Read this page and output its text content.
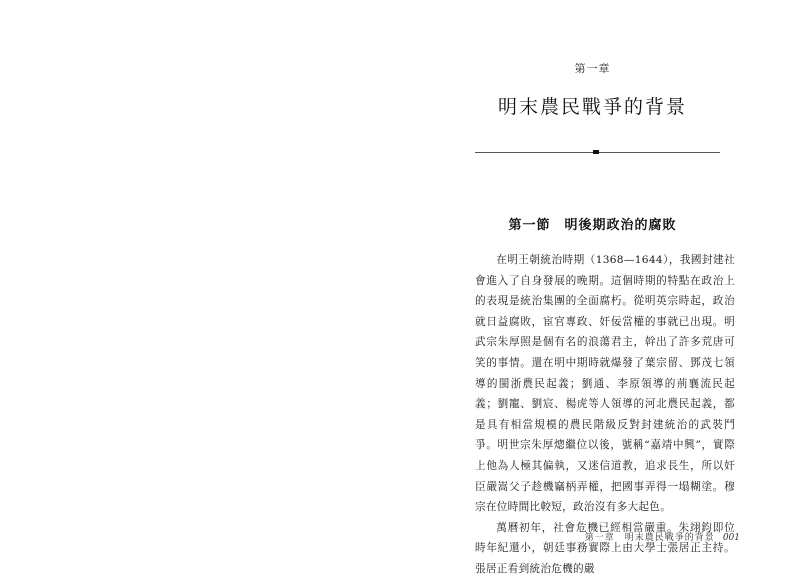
第一章
明末農民戰爭的背景
第一節　明後期政治的腐敗

在明王朝統治時期（1368—1644），我國封建社會進入了自身發展的晚期。這個時期的特點在政治上的表現是統治集團的全面腐朽。從明英宗時起，政治就日益腐敗，宦官專政、奸佞當權的事就已出現。明武宗朱厚照是個有名的浪蕩君主，幹出了許多荒唐可笑的事情。還在明中期時就爆發了葉宗留、鄧茂七領導的閩浙農民起義；劉通、李原領導的荊襄流民起義；劉寵、劉宸、楊虎等人領導的河北農民起義，都是具有相當規模的農民階級反對封建統治的武裝鬥爭。明世宗朱厚熜繼位以後，號稱“嘉靖中興”，實際上他為人極其偏執，又迷信道教，追求長生，所以奸臣嚴嵩父子趁機竊柄弄權，把國事弄得一塌糊塗。穆宗在位時間比較短，政治沒有多大起色。

萬曆初年，社會危機已經相當嚴重。朱翊鈞即位時年紀還小，朝廷事務實際上由大學士張居正主持。張居正看到統治危機的嚴

第一章　明末農民戰爭的背景 001
